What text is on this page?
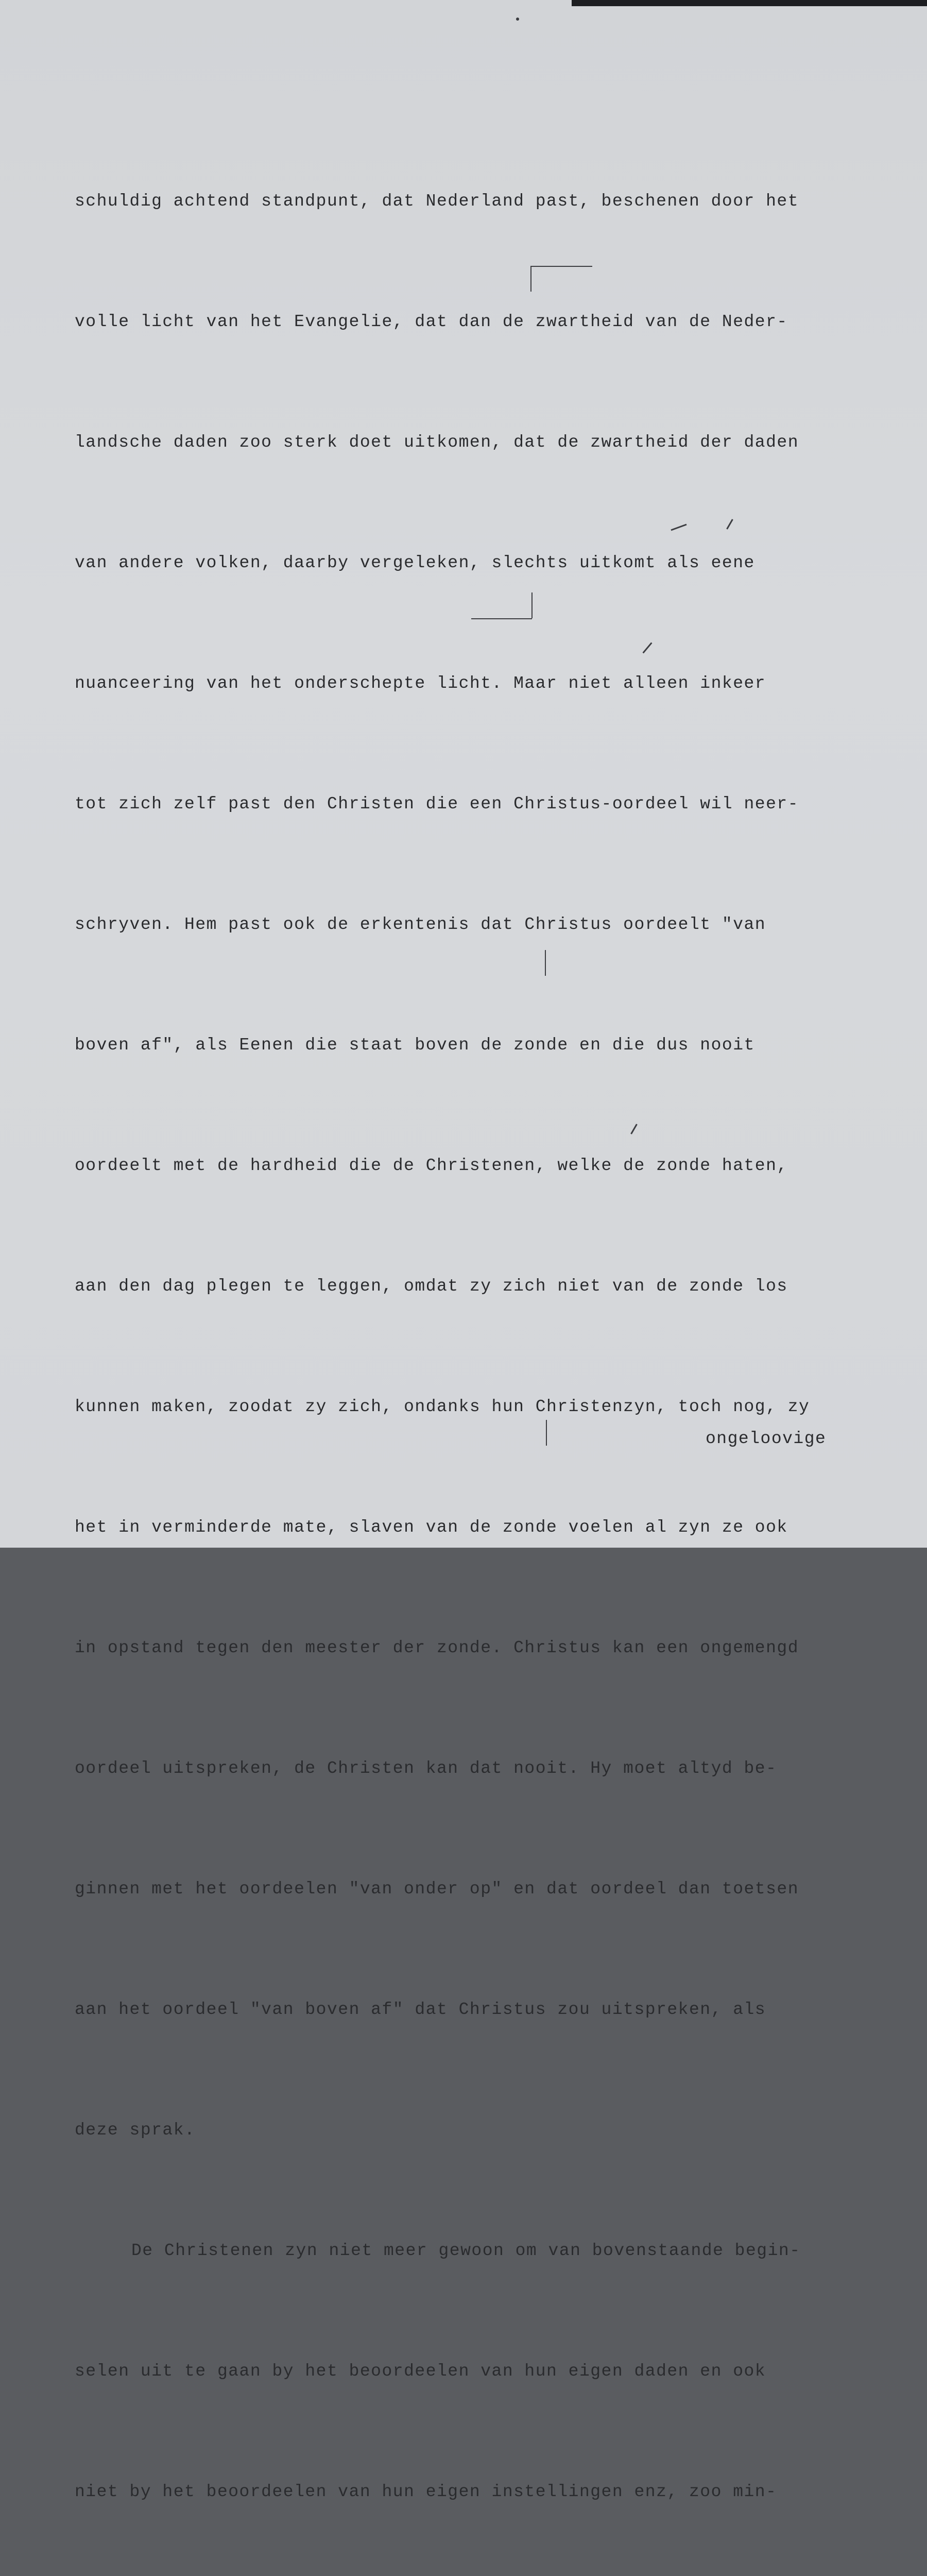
schuldig achtend standpunt, dat Nederland past, beschenen door het

volle licht van het Evangelie, dat dan de zwartheid van de Neder-

landsche daden zoo sterk doet uitkomen, dat de zwartheid der daden

van andere volken, daarby vergeleken, slechts uitkomt als eene

nuanceering van het onderschepte licht. Maar niet alleen inkeer

tot zich zelf past den Christen die een Christus-oordeel wil neer-

schryven. Hem past ook de erkentenis dat Christus oordeelt "van

boven af", als Eenen die staat boven de zonde en die dus nooit

oordeelt met de hardheid die de Christenen, welke de zonde haten,

aan den dag plegen te leggen, omdat zy zich niet van de zonde los

kunnen maken, zoodat zy zich, ondanks hun Christenzyn, toch nog, zy

het in verminderde mate, slaven van de zonde voelen al zyn ze ook

in opstand tegen den meester der zonde. Christus kan een ongemengd

oordeel uitspreken, de Christen kan dat nooit. Hy moet altyd be-

ginnen met het oordeelen "van onder op" en dat oordeel dan toetsen

aan het oordeel "van boven af" dat Christus zou uitspreken, als

deze sprak.

De Christenen zyn niet meer gewoon om van bovenstaande begin-

selen uit te gaan by het beoordeelen van hun eigen daden en ook

niet by het beoordeelen van hun eigen instellingen enz, zoo min-

ongeloovige
